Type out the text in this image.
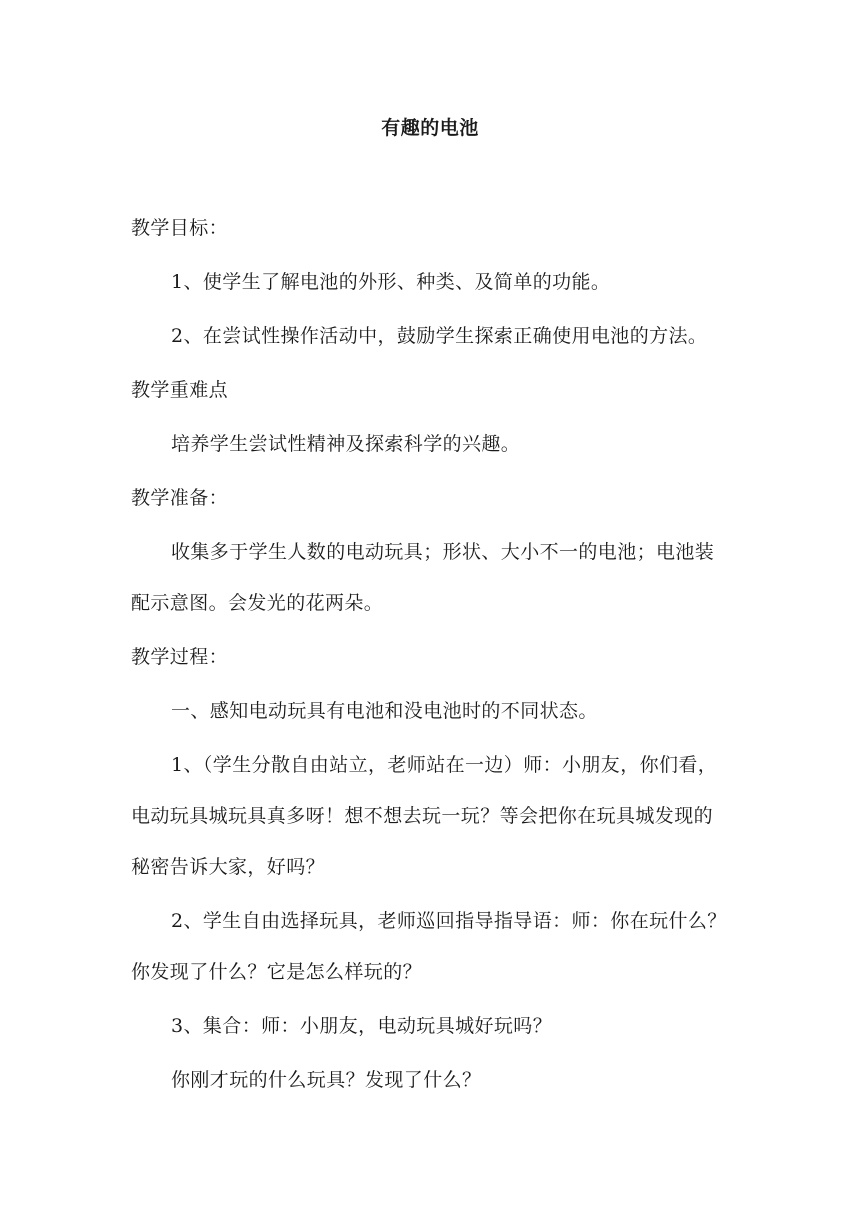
有趣的电池

教学目标：

1、使学生了解电池的外形、种类、及简单的功能。

2、在尝试性操作活动中，鼓励学生探索正确使用电池的方法。

教学重难点

培养学生尝试性精神及探索科学的兴趣。

教学准备：

收集多于学生人数的电动玩具；形状、大小不一的电池；电池装
配示意图。会发光的花两朵。

教学过程：

一、感知电动玩具有电池和没电池时的不同状态。

1、（学生分散自由站立，老师站在一边）师：小朋友，你们看，
电动玩具城玩具真多呀！想不想去玩一玩？等会把你在玩具城发现的
秘密告诉大家，好吗？

2、学生自由选择玩具，老师巡回指导指导语：师：你在玩什么？
你发现了什么？它是怎么样玩的？

3、集合：师：小朋友，电动玩具城好玩吗？

你刚才玩的什么玩具？发现了什么？
